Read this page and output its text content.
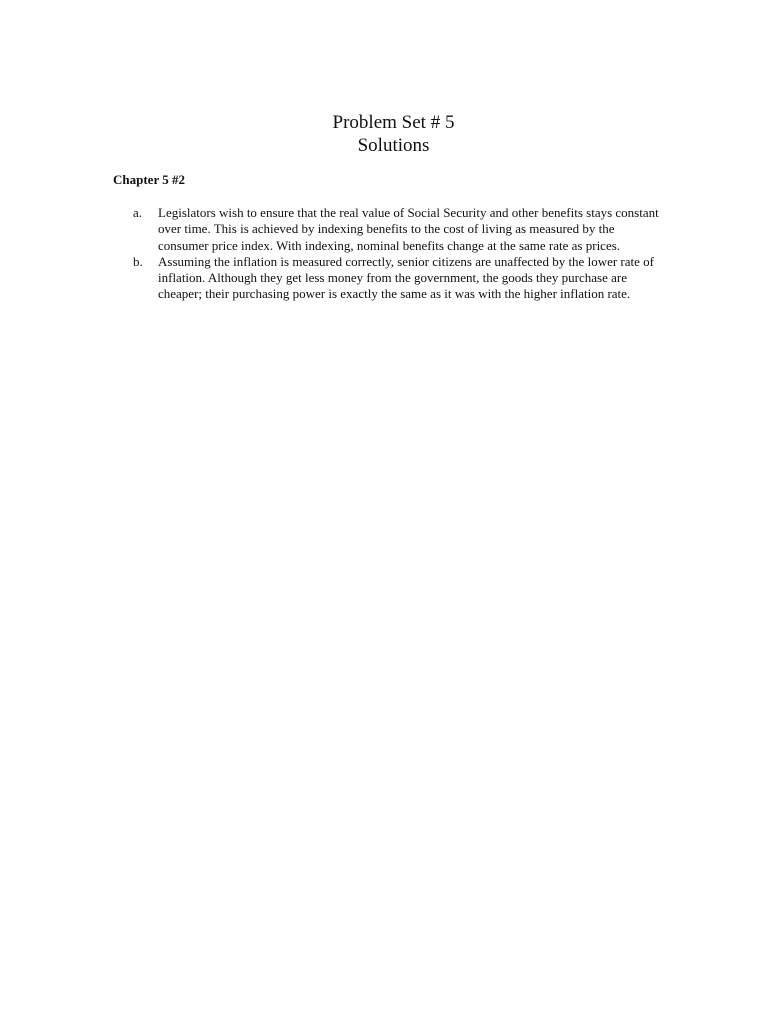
Problem Set # 5
Solutions
Chapter 5 #2
a. Legislators wish to ensure that the real value of Social Security and other benefits stays constant over time. This is achieved by indexing benefits to the cost of living as measured by the consumer price index. With indexing, nominal benefits change at the same rate as prices.
b. Assuming the inflation is measured correctly, senior citizens are unaffected by the lower rate of inflation. Although they get less money from the government, the goods they purchase are cheaper; their purchasing power is exactly the same as it was with the higher inflation rate.
